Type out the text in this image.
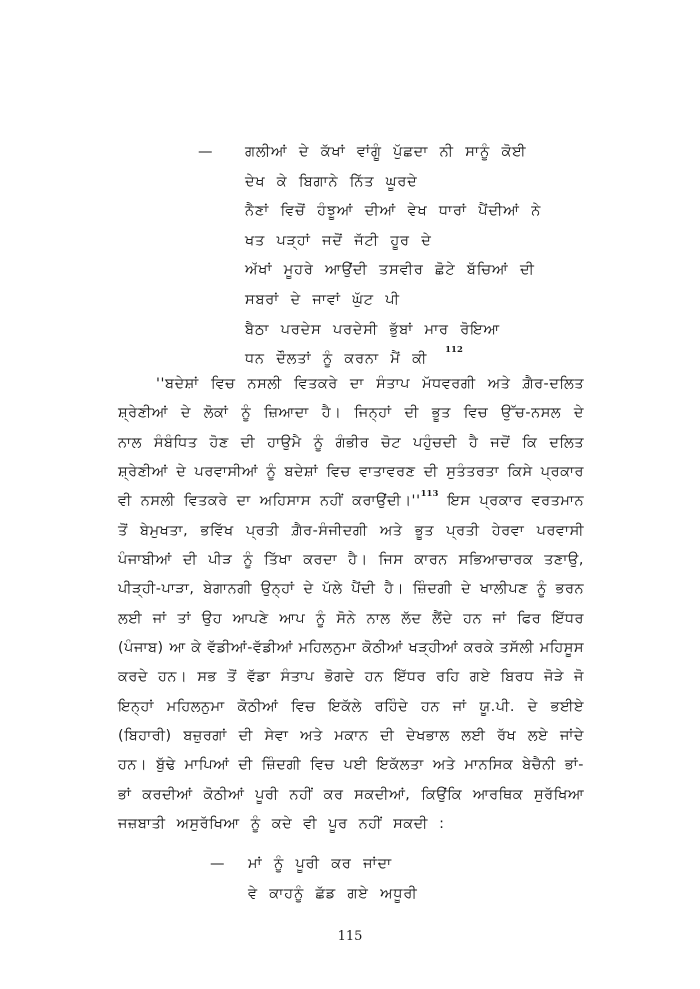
— ਗਲੀਆਂ ਦੇ ਕੱਖਾਂ ਵਾਂਗੂੰ ਪੁੱਛਦਾ ਨੀ ਸਾਨੂੰ ਕੋਈ
ਦੇਖ ਕੇ ਬਿਗਾਨੇ ਨਿੱਤ ਘੂਰਦੇ
ਨੈਣਾਂ ਵਿਚੋਂ ਹੰਝੂਆਂ ਦੀਆਂ ਵੇਖ ਧਾਰਾਂ ਪੈਂਦੀਆਂ ਨੇ
ਖਤ ਪੜ੍ਹਾਂ ਜਦੋਂ ਜੱਟੀ ਹੂਰ ਦੇ
ਅੱਖਾਂ ਮੂਹਰੇ ਆਉਂਦੀ ਤਸਵੀਰ ਛੋਟੇ ਬੱਚਿਆਂ ਦੀ
ਸਬਰਾਂ ਦੇ ਜਾਵਾਂ ਘੁੱਟ ਪੀ
ਬੈਠਾ ਪਰਦੇਸ ਪਰਦੇਸੀ ਭੁੱਬਾਂ ਮਾਰ ਰੋਇਆ
ਧਨ ਦੌਲਤਾਂ ਨੂੰ ਕਰਨਾ ਮੈਂ ਕੀ$^{112}$
''ਬਦੇਸ਼ਾਂ ਵਿਚ ਨਸਲੀ ਵਿਤਕਰੇ ਦਾ ਸੰਤਾਪ ਮੱਧਵਰਗੀ ਅਤੇ ਗ਼ੈਰ-ਦਲਿਤ
ਸ਼੍ਰੇਣੀਆਂ ਦੇ ਲੋਕਾਂ ਨੂੰ ਜ਼ਿਆਦਾ ਹੈ। ਜਿਨ੍ਹਾਂ ਦੀ ਭੂਤ ਵਿਚ ਉੱਚ-ਨਸਲ ਦੇ
ਨਾਲ ਸੰਬੰਧਿਤ ਹੋਣ ਦੀ ਹਾਉਮੈ ਨੂੰ ਗੰਭੀਰ ਚੋਟ ਪਹੁੰਚਦੀ ਹੈ ਜਦੋਂ ਕਿ ਦਲਿਤ
ਸ਼੍ਰੇਣੀਆਂ ਦੇ ਪਰਵਾਸੀਆਂ ਨੂੰ ਬਦੇਸ਼ਾਂ ਵਿਚ ਵਾਤਾਵਰਣ ਦੀ ਸੁਤੰਤਰਤਾ ਕਿਸੇ ਪ੍ਰਕਾਰ
ਵੀ ਨਸਲੀ ਵਿਤਕਰੇ ਦਾ ਅਹਿਸਾਸ ਨਹੀਂ $ਕਰਾਉਂਦੀ।''^{113}$ ਇਸ ਪ੍ਰਕਾਰ ਵਰਤਮਾਨ
ਤੋਂ ਬੇਮੁਖਤਾ, ਭਵਿੱਖ ਪ੍ਰਤੀ ਗ਼ੈਰ-ਸੰਜੀਦਗੀ ਅਤੇ ਭੂਤ ਪ੍ਰਤੀ ਹੇਰਵਾ ਪਰਵਾਸੀ
ਪੰਜਾਬੀਆਂ ਦੀ ਪੀੜ ਨੂੰ ਤਿੱਖਾ ਕਰਦਾ ਹੈ। ਜਿਸ ਕਾਰਨ ਸਭਿਆਚਾਰਕ ਤਣਾਉ,
ਪੀੜ੍ਹੀ-ਪਾੜਾ, ਬੇਗਾਨਗੀ ਉਨ੍ਹਾਂ ਦੇ ਪੱਲੇ ਪੈਂਦੀ ਹੈ। ਜ਼ਿੰਦਗੀ ਦੇ ਖਾਲੀਪਣ ਨੂੰ ਭਰਨ
ਲਈ ਜਾਂ ਤਾਂ ਉਹ ਆਪਣੇ ਆਪ ਨੂੰ ਸੋਨੇ ਨਾਲ ਲੱਦ ਲੈਂਦੇ ਹਨ ਜਾਂ ਫਿਰ ਇੱਧਰ
(ਪੰਜਾਬ) ਆ ਕੇ ਵੱਡੀਆਂ-ਵੱਡੀਆਂ ਮਹਿਲਨੁਮਾ ਕੋਠੀਆਂ ਖੜ੍ਹੀਆਂ ਕਰਕੇ ਤਸੱਲੀ ਮਹਿਸੂਸ
ਕਰਦੇ ਹਨ। ਸਭ ਤੋਂ ਵੱਡਾ ਸੰਤਾਪ ਭੋਗਦੇ ਹਨ ਇੱਧਰ ਰਹਿ ਗਏ ਬਿਰਧ ਜੋੜੇ ਜੋ
ਇਨ੍ਹਾਂ ਮਹਿਲਨੁਮਾ ਕੋਠੀਆਂ ਵਿਚ ਇਕੱਲੇ ਰਹਿੰਦੇ ਹਨ ਜਾਂ ਯੂ.ਪੀ. ਦੇ ਭਈਏ
(ਬਿਹਾਰੀ) ਬਜ਼ੁਰਗਾਂ ਦੀ ਸੇਵਾ ਅਤੇ ਮਕਾਨ ਦੀ ਦੇਖਭਾਲ ਲਈ ਰੱਖ ਲਏ ਜਾਂਦੇ
ਹਨ। ਬੁੱਢੇ ਮਾਪਿਆਂ ਦੀ ਜ਼ਿੰਦਗੀ ਵਿਚ ਪਈ ਇਕੱਲਤਾ ਅਤੇ ਮਾਨਸਿਕ ਬੇਚੈਨੀ ਭਾਂ-
ਭਾਂ ਕਰਦੀਆਂ ਕੋਠੀਆਂ ਪੂਰੀ ਨਹੀਂ ਕਰ ਸਕਦੀਆਂ, ਕਿਉਂਕਿ ਆਰਥਿਕ ਸੁਰੱਖਿਆ
ਜਜ਼ਬਾਤੀ ਅਸੁਰੱਖਿਆ ਨੂੰ ਕਦੇ ਵੀ ਪੂਰ ਨਹੀਂ ਸਕਦੀ :
— ਮਾਂ ਨੂੰ ਪੂਰੀ ਕਰ ਜਾਂਦਾ
ਵੇ ਕਾਹਨੂੰ ਛੱਡ ਗਏ ਅਧੂਰੀ
115
